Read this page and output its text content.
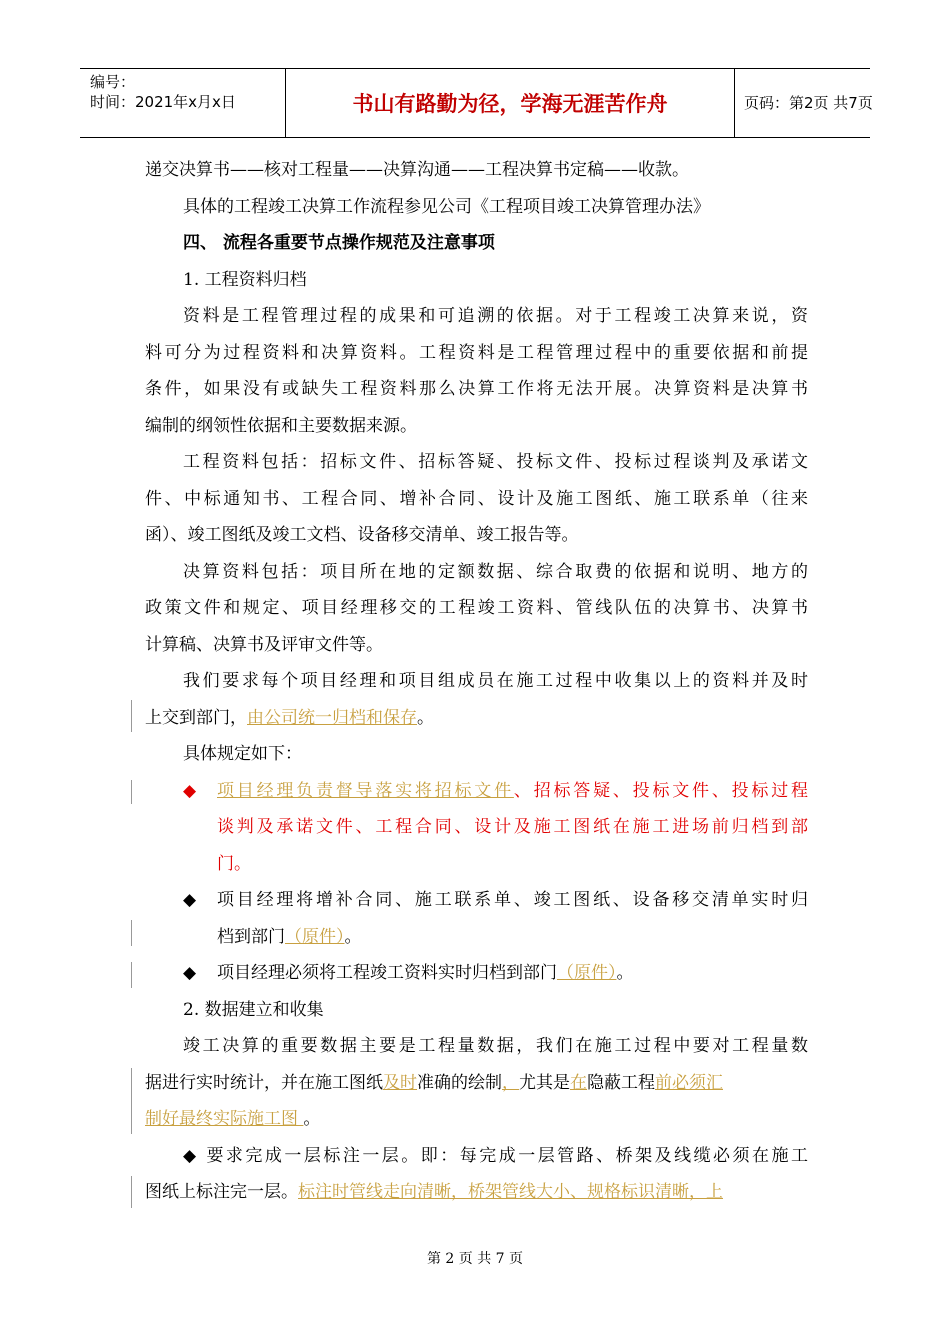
编号：
时间：2021年x月x日	书山有路勤为径，学海无涯苦作舟	页码：第2页 共7页
递交决算书——核对工程量——决算沟通——工程决算书定稿——收款。
具体的工程竣工决算工作流程参见公司《工程项目竣工决算管理办法》
四、 流程各重要节点操作规范及注意事项
1. 工程资料归档
资料是工程管理过程的成果和可追溯的依据。对于工程竣工决算来说，资
料可分为过程资料和决算资料。工程资料是工程管理过程中的重要依据和前提
条件，如果没有或缺失工程资料那么决算工作将无法开展。决算资料是决算书
编制的纲领性依据和主要数据来源。
工程资料包括：招标文件、招标答疑、投标文件、投标过程谈判及承诺文
件、中标通知书、工程合同、增补合同、设计及施工图纸、施工联系单（往来
函）、竣工图纸及竣工文档、设备移交清单、竣工报告等。
决算资料包括：项目所在地的定额数据、综合取费的依据和说明、地方的
政策文件和规定、项目经理移交的工程竣工资料、管线队伍的决算书、决算书
计算稿、决算书及评审文件等。
我们要求每个项目经理和项目组成员在施工过程中收集以上的资料并及时
上交到部门，由公司统一归档和保存。
具体规定如下：
◆ 项目经理负责督导落实将招标文件、招标答疑、投标文件、投标过程
谈判及承诺文件、工程合同、设计及施工图纸在施工进场前归档到部
门。
◆ 项目经理将增补合同、施工联系单、竣工图纸、设备移交清单实时归
档到部门（原件）。
◆ 项目经理必须将工程竣工资料实时归档到部门（原件）。
2. 数据建立和收集
竣工决算的重要数据主要是工程量数据，我们在施工过程中要对工程量数
据进行实时统计，并在施工图纸及时准确的绘制，尤其是在隐蔽工程前必须汇
制好最终实际施工图 。
◆ 要求完成一层标注一层。即：每完成一层管路、桥架及线缆必须在施工
图纸上标注完一层。标注时管线走向清晰，桥架管线大小、规格标识清晰，上
第 2 页 共 7 页
